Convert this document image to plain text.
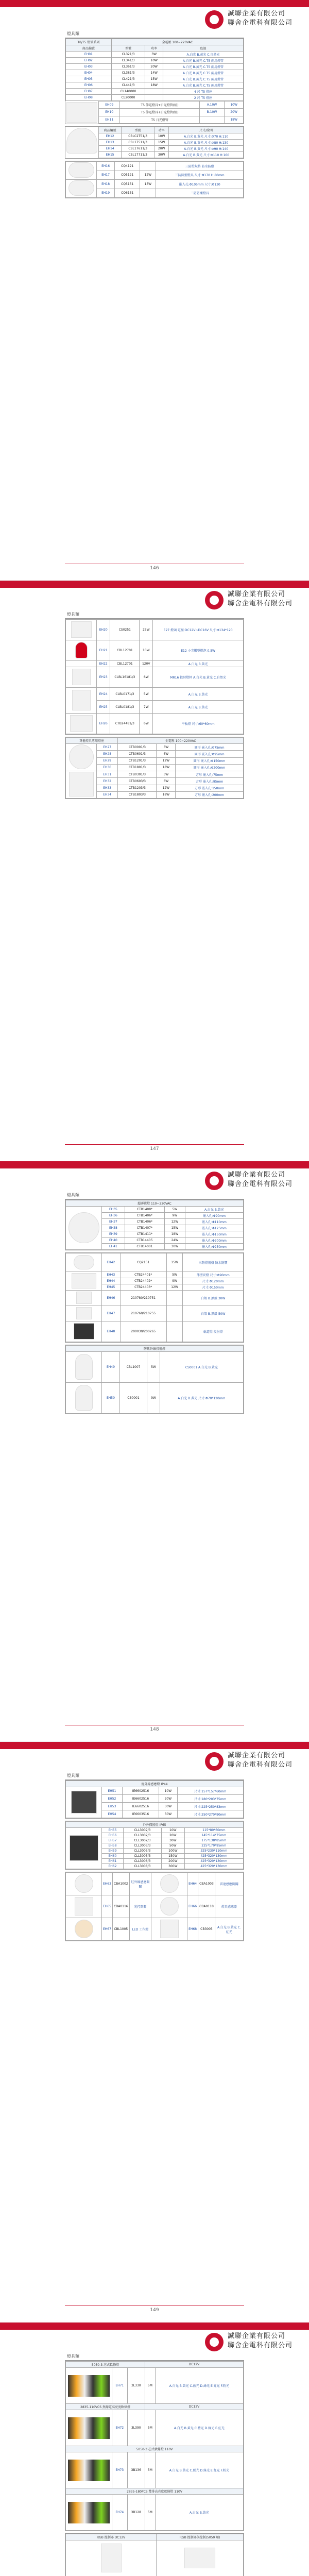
誠聯企業有限公司
聯舍企電科有限公司
燈具類
T8/T5 燈管系列	全電壓 100~220VAC		
商品編號	型號	功率	色溫
EH01	CL321/3	3W	A.白光 B.黃光 C.自然光
EH02	CL341/3	10W	A.白光 B.黃光 C.T5 兩用燈管
EH03	CL361/3	20W	A.白光 B.黃光 C.T5 兩用燈管
EH04	CL381/3	14W	A.白光 B.黃光 C.T5 兩用燈管
EH05	CL421/3	15W	A.白光 B.黃光 C.T5 兩用燈管
EH06	CL441/3	18W	A.白光 B.黃光 C.T5 兩用燈管
EH07	CL140000		4 尺 T5 燈座
EH08	CL20000		2 尺 T5 燈座
EH09	T5 節電燈具+白光燈管(組)	A.10W	10W
EH10	T5 節電燈具+白光燈管(組)	B.10W	20W
EH11	T5 日光燈管		18W
商品編號	型號	功率	尺寸/說明
EH12	CBLC2T51/3	10W	A.白光 B.黃光 尺寸:Φ70 H:110
EH13	CBL17511/3	15W	A.白光 B.黃光 尺寸:Φ80 H:130
EH14	CBL17611/3	20W	A.白光 B.黃光 尺寸:Φ90 H:140
EH15	CBL17711/3	30W	A.白光 B.黃光 尺寸:Φ110 H:160
	EH16	CQ4121		三防燈規格 防水防塵
	EH17	CQ5121	12W	三防圓型燈具 尺寸:Φ170 H:80mm
	EH18	CQ5151	15W	嵌入孔:Φ105mm 尺寸:Φ130
	EH19	CQ6151		三防防潮燈具
146
誠聯企業有限公司
聯舍企電科有限公司
燈具類
	EH20	CS0251	25W	E27 燈頭 電壓:DC12V~DC16V 尺寸:Φ134*120
	EH21	CBL12701	10W	E12 小尖燭型燈泡 0.5W
	EH22	CBL12701	120V	A.白光 B.黃光
	EH23	CLBL16181/3	6W	MR16 投射燈杯 A.白光 B.黃光 C.自然光
	EH24	CLBL0171/3	5W	A.白光 B.黃光
	EH25	CLBL0181/3	7W	A.白光 B.黃光
	EH26	CTB24481/3	6W	平板燈 尺寸:60*60mm
專櫃燈具專用燈座		全電壓 100~220VAC		
	EH27	CTB0001/3	3W	圓形 嵌入孔:Φ75mm
	EH28	CTB0601/3	6W	圓形 嵌入孔:Φ95mm
	EH29	CTB1201/3	12W	圓形 嵌入孔:Φ150mm
	EH30	CTB1801/3	18W	圓形 嵌入孔:Φ200mm
	EH31	CTB0301/3	3W	方形 嵌入孔:75mm
	EH32	CTB0603/3	6W	方形 嵌入孔:95mm
	EH33	CTB1203/3	12W	方形 嵌入孔:150mm
	EH34	CTB1803/3	18W	方形 嵌入孔:200mm
147
誠聯企業有限公司
聯舍企電科有限公司
燈具類
超薄崁燈 110~220VAC				
	EH35	CTB1408*	5W	A.白光 B.黃光
	EH36	CTB1406*	9W	嵌入孔:Φ90mm
	EH37	CTB1406*	12W	嵌入孔:Φ110mm
	EH38	CTB1407*	15W	嵌入孔:Φ125mm
	EH39	CTB1411*	18W	嵌入孔:Φ150mm
	EH40	CTB14405	24W	嵌入孔:Φ200mm
	EH41	CTB14001	30W	嵌入孔:Φ250mm
	EH42	CQ2151	15W	三防燈規格 防水防塵
	EH43	CTB24401*	5W	薄型崁燈 尺寸:Φ90mm
	EH44	CTB24402*	9W	尺寸:Φ120mm
	EH45	CTB24403*	12W	尺寸:Φ150mm
	EH46	210780/210751		白殼 B.黑殼 30W
	EH47	210760/210755		白殼 B.黑殼 50W
	EH48	200030/200265		軌道燈 投射燈
防紫外線投射燈				
	EH49	CBL1007	5W	CS0001 A.白光 B.黃光
	EH50	CS0001	9W	A.白光 B.黃光 尺寸:Φ70*120mm
148
誠聯企業有限公司
聯舍企電科有限公司
燈具類
紅外線感應燈 IP44				
	EH51	IE6602516	10W	尺寸:157*157*60mm
	EH52	IE6602516	20W	尺寸:180*203*75mm
	EH53	IE6602516	30W	尺寸:225*250*83mm
	EH54	IE6603516	50W	尺寸:250*270*90mm
戶外探照燈 IP65				
	EH55	CLL3002/3	10W	115*80*60mm
	EH56	CLL3002/3	20W	145*114*75mm
	EH57	CLL3002/3	30W	175*138*85mm
	EH58	CLL3003/3	50W	225*170*95mm
	EH59	CLL3005/3	100W	325*230*110mm
	EH60	CLL3005/3	150W	425*320*130mm
	EH61	CLL3006/3	200W	425*320*130mm
	EH62	CLL3008/3	300W	425*320*130mm
	EH63	CBA1002	紅外線感應開關		EH64	CBA1003	雷達感應開關
	EH65	CBA0116	光控開關		EH66	CBA0118	燈具感應器
	EH67	CBL1005	LED 工作燈		EH68	CB3005	A.白光 B.黃光 C.紅光
149
誠聯企業有限公司
聯舍企電科有限公司
燈具類
5050-3 芯式軟條燈			DC12V	

	EH71	3L330	5M	A.白光 B.黃光 C.藍光 D.綠光 E.紅光 F.粉光
2835-110VCS 無線電高亮度軟條燈			DC12V	

	EH72	3L390	5M	A.白光 B.黃光 C.藍光 D.綠光 E.紅光
5050-3 芯式軟條燈 110V				

	EH73	3B136	5M	A.白光 B.黃光 C.藍光 D.綠光 E.紅光 F.粉光
2835-180PCS 雙排高亮度軟條燈 110V				

	EH74	3B128	5M	A.白光 B.黃光
RGB 控制器 DC12V			RGB 控制器與控制(5050 用)		
